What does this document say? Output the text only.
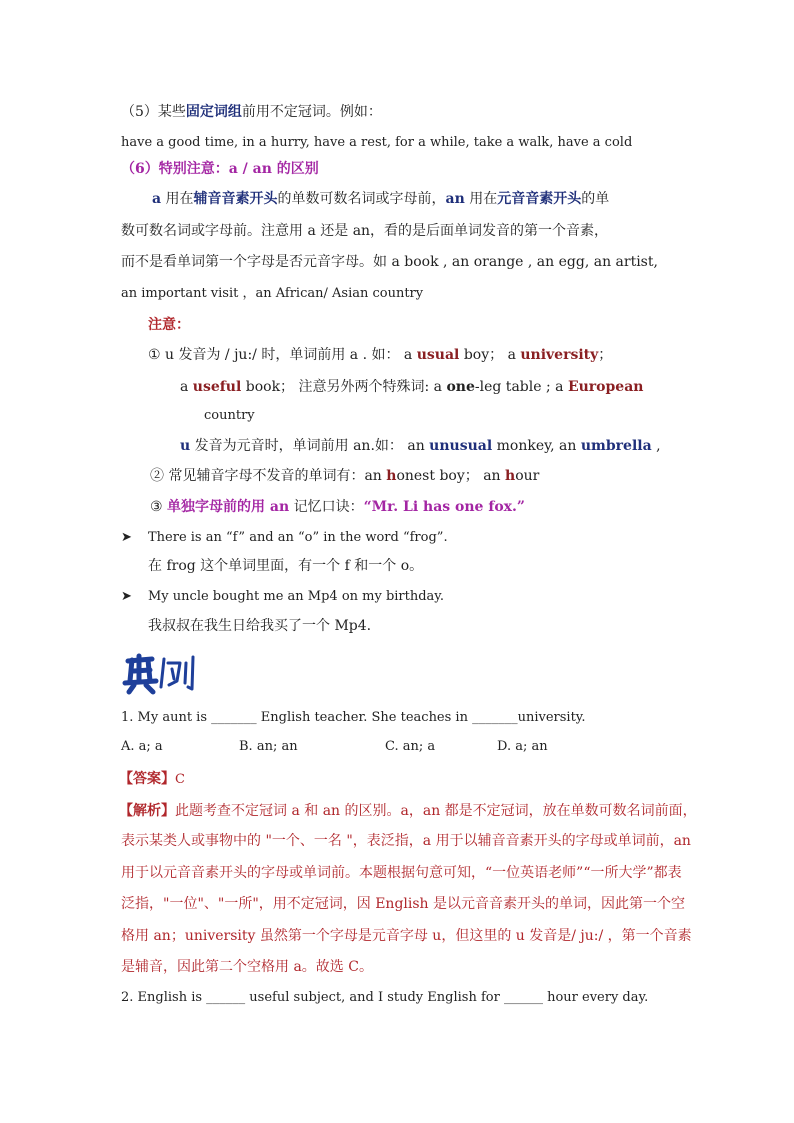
（5）某些固定词组前用不定冠词。例如：
have a good time, in a hurry, have a rest, for a while, take a walk, have a cold
（6）特别注意：a / an 的区别
a 用在辅音音素开头的单数可数名词或字母前，an 用在元音音素开头的单
数可数名词或字母前。注意用 a 还是 an，看的是后面单词发音的第一个音素，
而不是看单词第一个字母是否元音字母。如 a book , an orange , an egg, an artist,
an important visit ，an African/ Asian country
注意：
① u 发音为 / ju:/ 时，单词前用 a . 如： a usual boy； a university；
a useful book； 注意另外两个特殊词: a one-leg table ; a European
country
u 发音为元音时，单词前用 an.如： an unusual monkey, an umbrella ,
② 常见辅音字母不发音的单词有：an honest boy； an hour
③ 单独字母前的用 an 记忆口诀：“Mr. Li has one fox.”
➤ There is an “f” and an “o” in the word “frog”.
在 frog 这个单词里面，有一个 f 和一个 o。
➤ My uncle bought me an Mp4 on my birthday.
我叔叔在我生日给我买了一个 Mp4.
1. My aunt is _______ English teacher. She teaches in _______university.
A. a; a	B. an; an	C. an; a	D. a; an
【答案】C
【解析】此题考查不定冠词 a 和 an 的区别。a，an 都是不定冠词，放在单数可数名词前面，
表示某类人或事物中的 "一个、一名 "，表泛指，a 用于以辅音音素开头的字母或单词前，an
用于以元音音素开头的字母或单词前。本题根据句意可知，“一位英语老师”“一所大学”都表
泛指，"一位"、"一所"，用不定冠词，因 English 是以元音音素开头的单词，因此第一个空
格用 an；university 虽然第一个字母是元音字母 u，但这里的 u 发音是/ ju:/ ，第一个音素
是辅音，因此第二个空格用 a。故选 C。
2. English is ______ useful subject, and I study English for ______ hour every day.
